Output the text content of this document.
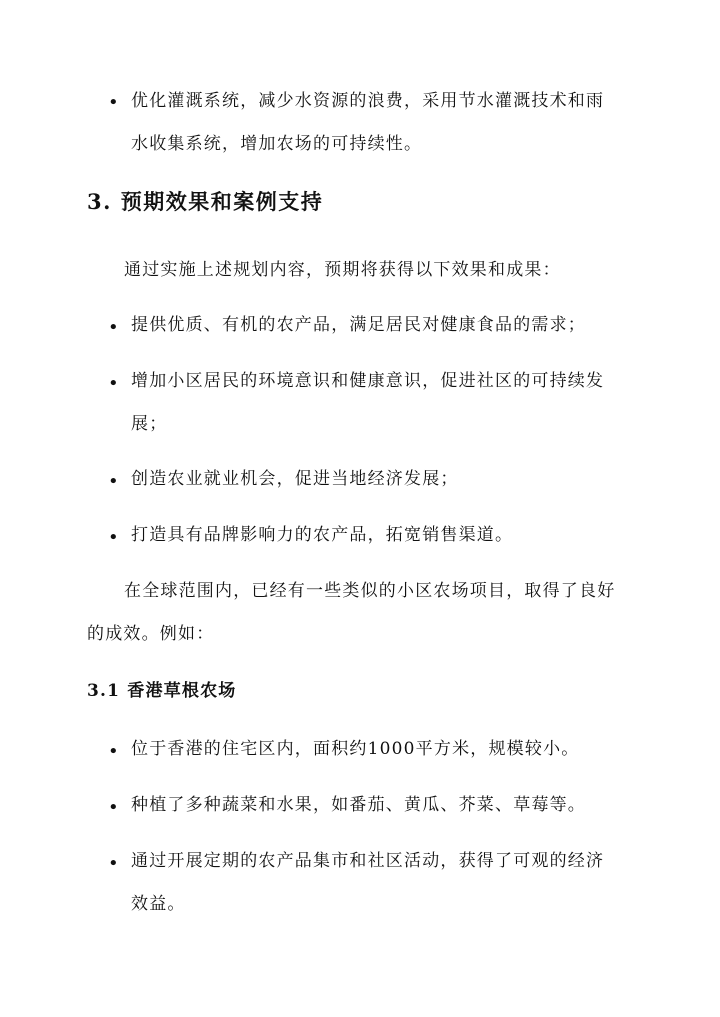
• 优化灌溉系统，减少水资源的浪费，采用节水灌溉技术和雨
水收集系统，增加农场的可持续性。
3. 预期效果和案例支持
通过实施上述规划内容，预期将获得以下效果和成果：
• 提供优质、有机的农产品，满足居民对健康食品的需求；
• 增加小区居民的环境意识和健康意识，促进社区的可持续发
展；
• 创造农业就业机会，促进当地经济发展；
• 打造具有品牌影响力的农产品，拓宽销售渠道。
在全球范围内，已经有一些类似的小区农场项目，取得了良好
的成效。例如：
3.1 香港草根农场
• 位于香港的住宅区内，面积约1000平方米，规模较小。
• 种植了多种蔬菜和水果，如番茄、黄瓜、芥菜、草莓等。
• 通过开展定期的农产品集市和社区活动，获得了可观的经济
效益。
